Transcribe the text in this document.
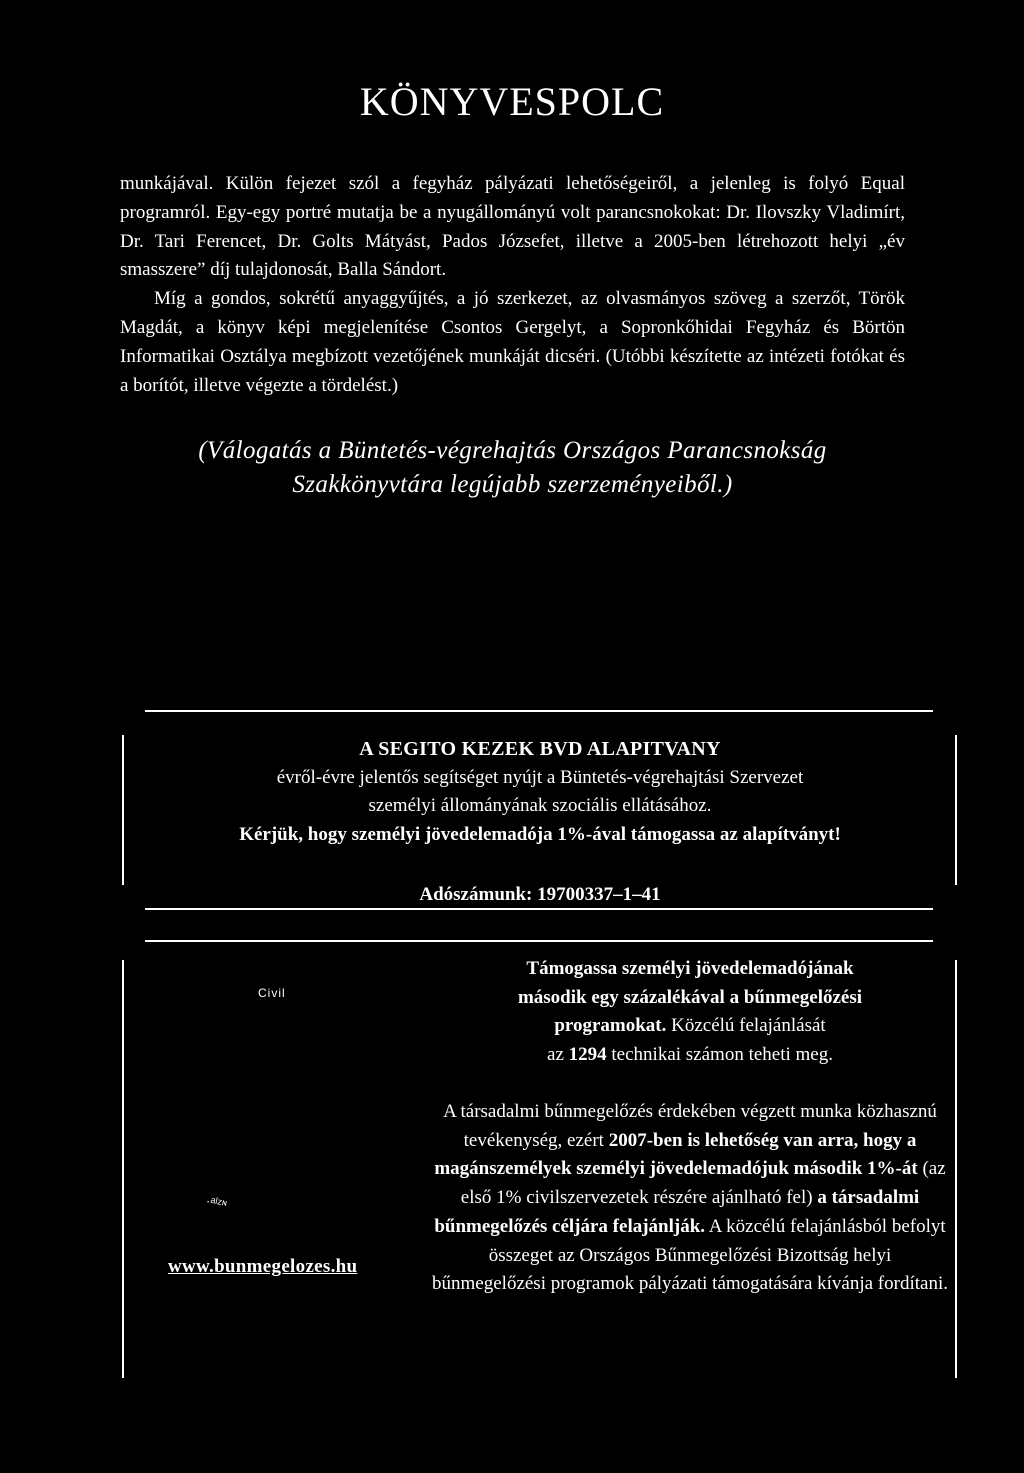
KÖNYVESPOLC

munkájával. Külön fejezet szól a fegyház pályázati lehetőségeiről, a jelenleg is folyó Equal programról. Egy-egy portré mutatja be a nyugállományú volt parancsnokokat: Dr. Ilovszky Vladimírt, Dr. Tari Ferencet, Dr. Golts Mátyást, Pados Józsefet, illetve a 2005-ben létrehozott helyi „év smasszere” díj tulajdonosát, Balla Sándort.

Míg a gondos, sokrétű anyaggyűjtés, a jó szerkezet, az olvasmányos szöveg a szerzőt, Török Magdát, a könyv képi megjelenítése Csontos Gergelyt, a Sopronkőhidai Fegyház és Börtön Informatikai Osztálya megbízott vezetőjének munkáját dicséri. (Utóbbi készítette az intézeti fotókat és a borítót, illetve végezte a tördelést.)

(Válogatás a Büntetés-végrehajtás Országos Parancsnokság
Szakkönyvtára legújabb szerzeményeiből.)
A SEGITO KEZEK BVD ALAPITVANY
évről-évre jelentős segítséget nyújt a Büntetés-végrehajtási Szervezet
személyi állományának szociális ellátásához.
Kérjük, hogy személyi jövedelemadója 1%-ával támogassa az alapítványt!
Adószámunk: 19700337–1–41
Civil
·ᵃˡᶻᶰ
www.bunmegelozes.hu
Támogassa személyi jövedelemadójának
második egy százalékával a bűnmegelőzési
programokat. Közcélú felajánlását
az 1294 technikai számon teheti meg.
A társadalmi bűnmegelőzés érdekében végzett munka közhasznú tevékenység, ezért 2007-ben is lehetőség van arra, hogy a magánszemélyek személyi jövedelemadójuk második 1%-át (az első 1% civilszervezetek részére ajánlható fel) a társadalmi bűnmegelőzés céljára felajánlják. A közcélú felajánlásból befolyt összeget az Országos Bűnmegelőzési Bizottság helyi bűnmegelőzési programok pályázati támogatására kívánja fordítani.
